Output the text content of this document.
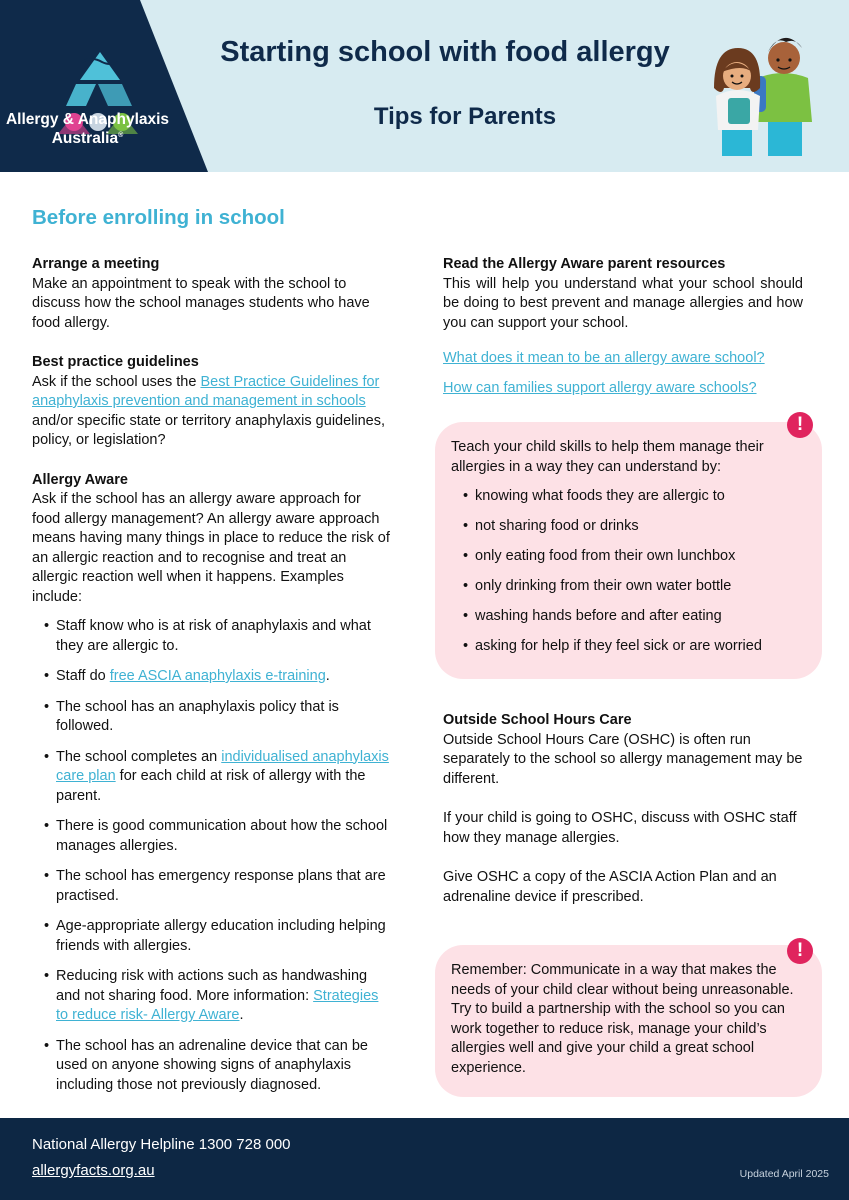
Allergy & Anaphylaxis
Australia®
Starting school with food allergy
Tips for Parents
Before enrolling in school
Arrange a meeting
Make an appointment to speak with the school to discuss how the school manages students who have food allergy.
Best practice guidelines
Ask if the school uses the Best Practice Guidelines for anaphylaxis prevention and management in schools and/or specific state or territory anaphylaxis guidelines, policy, or legislation?
Allergy Aware
Ask if the school has an allergy aware approach for food allergy management? An allergy aware approach means having many things in place to reduce the risk of an allergic reaction and to recognise and treat an allergic reaction well when it happens. Examples include:
• Staff know who is at risk of anaphylaxis and what they are allergic to.
• Staff do free ASCIA anaphylaxis e-training.
• The school has an anaphylaxis policy that is followed.
• The school completes an individualised anaphylaxis care plan for each child at risk of allergy with the parent.
• There is good communication about how the school manages allergies.
• The school has emergency response plans that are practised.
• Age-appropriate allergy education including helping friends with allergies.
• Reducing risk with actions such as handwashing and not sharing food. More information: Strategies to reduce risk- Allergy Aware.
• The school has an adrenaline device that can be used on anyone showing signs of anaphylaxis including those not previously diagnosed.
Read the Allergy Aware parent resources
This will help you understand what your school should be doing to best prevent and manage allergies and how you can support your school.
What does it mean to be an allergy aware school?
How can families support allergy aware schools?
Teach your child skills to help them manage their allergies in a way they can understand by:
• knowing what foods they are allergic to
• not sharing food or drinks
• only eating food from their own lunchbox
• only drinking from their own water bottle
• washing hands before and after eating
• asking for help if they feel sick or are worried
!
Outside School Hours Care
Outside School Hours Care (OSHC) is often run separately to the school so allergy management may be different.
If your child is going to OSHC, discuss with OSHC staff how they manage allergies.
Give OSHC a copy of the ASCIA Action Plan and an adrenaline device if prescribed.
Remember: Communicate in a way that makes the needs of your child clear without being unreasonable. Try to build a partnership with the school so you can work together to reduce risk, manage your child’s allergies well and give your child a great school experience.
!
National Allergy Helpline 1300 728 000
allergyfacts.org.au	Updated April 2025
